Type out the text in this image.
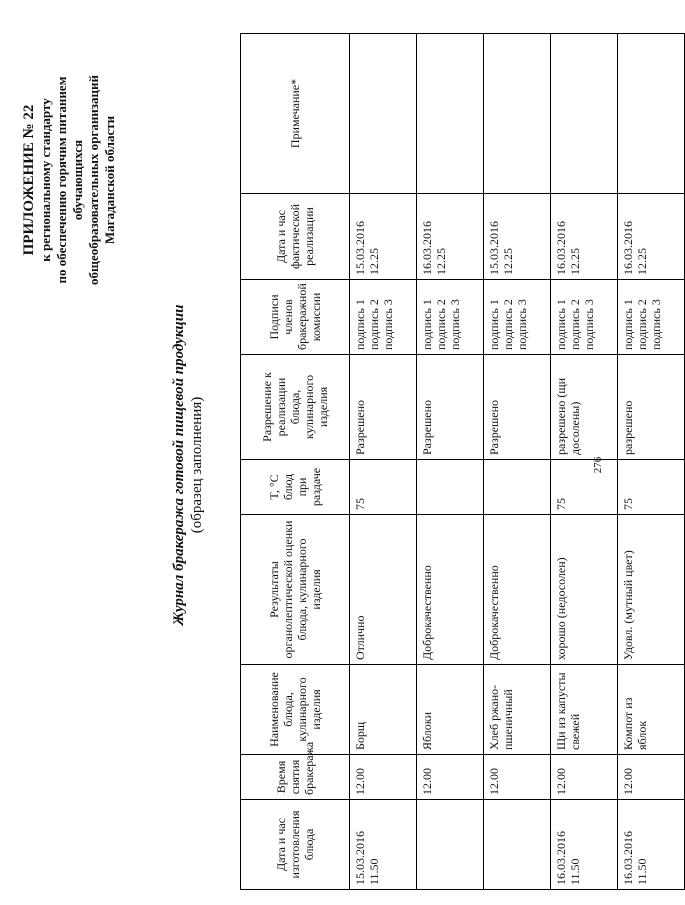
ПРИЛОЖЕНИЕ № 22 к региональному стандарту по обеспечению горячим питанием обучающихся общеобразовательных организаций Магаданской области
Журнал бракеража готовой пищевой продукции (образец заполнения)
Дата и час изготовления блюда	Время снятия бракеража	Наименование блюда, кулинарного изделия	Результаты органолептической оценки блюда, кулинарного изделия	T, °C блюд при раздаче	Разрешение к реализации блюда, кулинарного изделия	Подписи членов бракеражной комиссии	Дата и час фактической реализации	Примечание*
15.03.2016 11.50	12.00	Борщ	Отлично	75	Разрешено	подпись 1 подпись 2 подпись 3	15.03.2016 12.25	
	12.00	Яблоки	Доброкачественно		Разрешено	подпись 1 подпись 2 подпись 3	16.03.2016 12.25	
	12.00	Хлеб ржано-пшеничный	Доброкачественно		Разрешено	подпись 1 подпись 2 подпись 3	15.03.2016 12.25	
16.03.2016 11.50	12.00	Щи из капусты свежей	хорошо (недосолен)	75	разрешено (щи досолены)	подпись 1 подпись 2 подпись 3	16.03.2016 12.25	
16.03.2016 11.50	12.00	Компот из яблок	Удовл. (мутный цвет)	75	разрешено	подпись 1 подпись 2 подпись 3	16.03.2016 12.25	
276
